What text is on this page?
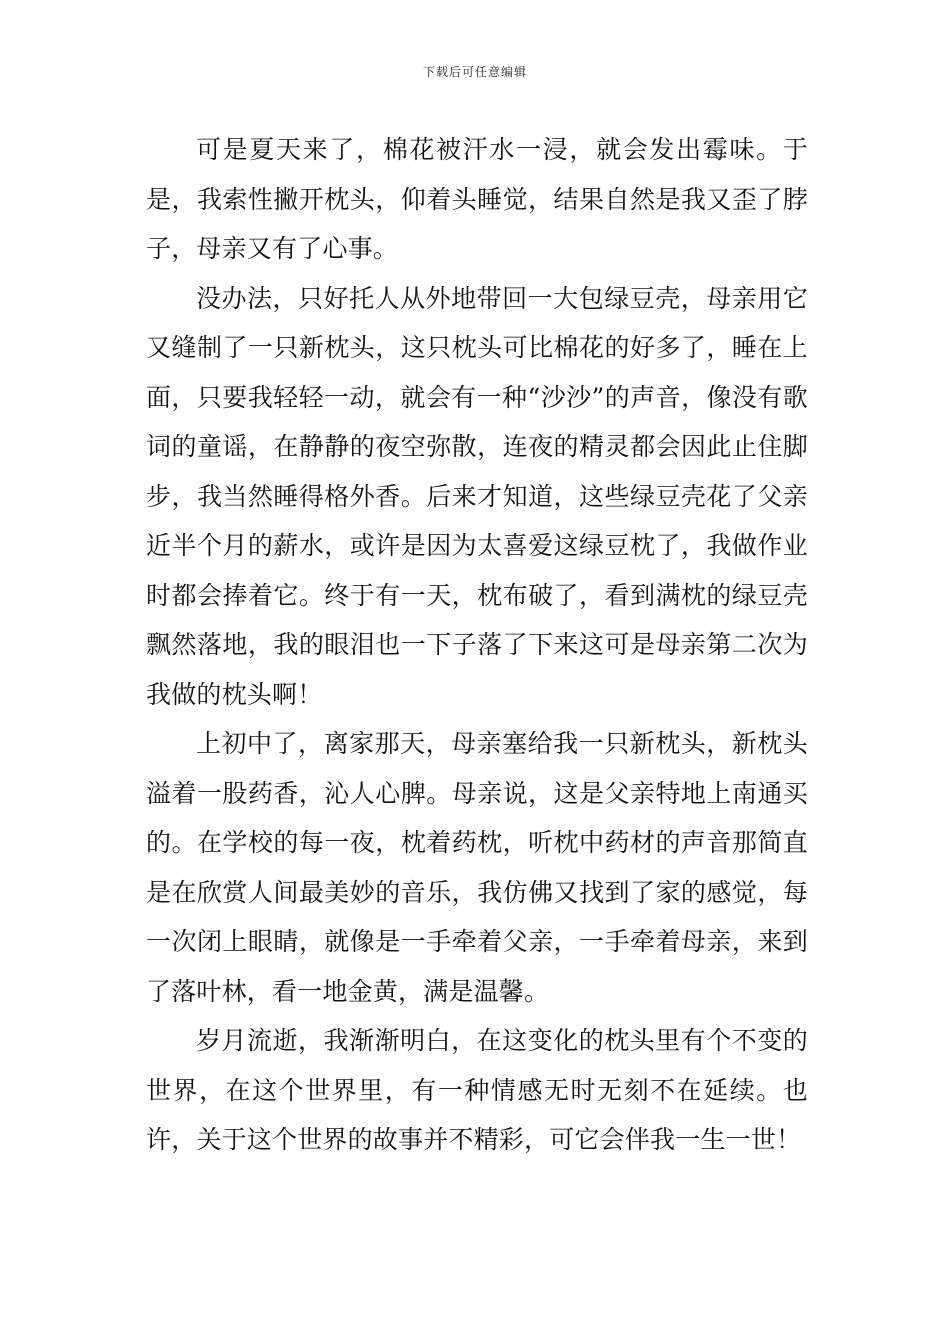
下载后可任意编辑

可是夏天来了，棉花被汗水一浸，就会发出霉味。于是，我索性撇开枕头，仰着头睡觉，结果自然是我又歪了脖子，母亲又有了心事。

没办法，只好托人从外地带回一大包绿豆壳，母亲用它又缝制了一只新枕头，这只枕头可比棉花的好多了，睡在上面，只要我轻轻一动，就会有一种“沙沙”的声音，像没有歌词的童谣，在静静的夜空弥散，连夜的精灵都会因此止住脚步，我当然睡得格外香。后来才知道，这些绿豆壳花了父亲近半个月的薪水，或许是因为太喜爱这绿豆枕了，我做作业时都会捧着它。终于有一天，枕布破了，看到满枕的绿豆壳飘然落地，我的眼泪也一下子落了下来这可是母亲第二次为我做的枕头啊！

上初中了，离家那天，母亲塞给我一只新枕头，新枕头溢着一股药香，沁人心脾。母亲说，这是父亲特地上南通买的。在学校的每一夜，枕着药枕，听枕中药材的声音那简直是在欣赏人间最美妙的音乐，我仿佛又找到了家的感觉，每一次闭上眼睛，就像是一手牵着父亲，一手牵着母亲，来到了落叶林，看一地金黄，满是温馨。

岁月流逝，我渐渐明白，在这变化的枕头里有个不变的世界，在这个世界里，有一种情感无时无刻不在延续。也许，关于这个世界的故事并不精彩，可它会伴我一生一世！
